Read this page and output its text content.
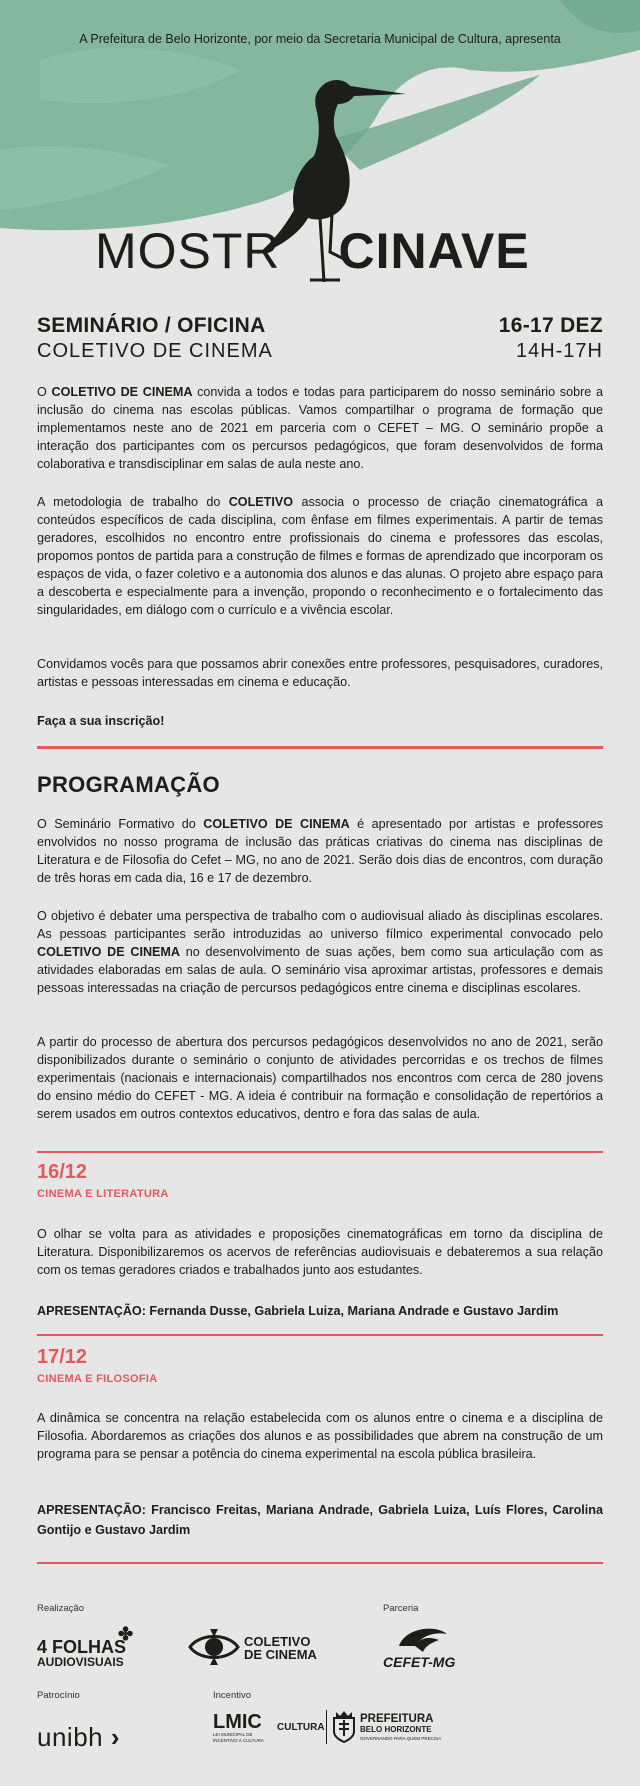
A Prefeitura de Belo Horizonte, por meio da Secretaria Municipal de Cultura, apresenta
MOSTR CINAVE
SEMINÁRIO / OFICINA
COLETIVO DE CINEMA
16-17 DEZ
14H-17H

O COLETIVO DE CINEMA convida a todos e todas para participarem do nosso seminário sobre a inclusão do cinema nas escolas públicas. Vamos compartilhar o programa de formação que implementamos neste ano de 2021 em parceria com o CEFET – MG. O seminário propõe a interação dos participantes com os percursos pedagógicos, que foram desenvolvidos de forma colaborativa e transdisciplinar em salas de aula neste ano.

A metodologia de trabalho do COLETIVO associa o processo de criação cinematográfica a conteúdos específicos de cada disciplina, com ênfase em filmes experimentais. A partir de temas geradores, escolhidos no encontro entre profissionais do cinema e professores das escolas, propomos pontos de partida para a construção de filmes e formas de aprendizado que incorporam os espaços de vida, o fazer coletivo e a autonomia dos alunos e das alunas. O projeto abre espaço para a descoberta e especialmente para a invenção, propondo o reconhecimento e o fortalecimento das singularidades, em diálogo com o currículo e a vivência escolar.

Convidamos vocês para que possamos abrir conexões entre professores, pesquisadores, curadores, artistas e pessoas interessadas em cinema e educação.

Faça a sua inscrição!

PROGRAMAÇÃO

O Seminário Formativo do COLETIVO DE CINEMA é apresentado por artistas e professores envolvidos no nosso programa de inclusão das práticas criativas do cinema nas disciplinas de Literatura e de Filosofia do Cefet – MG, no ano de 2021. Serão dois dias de encontros, com duração de três horas em cada dia, 16 e 17 de dezembro.

O objetivo é debater uma perspectiva de trabalho com o audiovisual aliado às disciplinas escolares. As pessoas participantes serão introduzidas ao universo fílmico experimental convocado pelo COLETIVO DE CINEMA no desenvolvimento de suas ações, bem como sua articulação com as atividades elaboradas em salas de aula. O seminário visa aproximar artistas, professores e demais pessoas interessadas na criação de percursos pedagógicos entre cinema e disciplinas escolares.

A partir do processo de abertura dos percursos pedagógicos desenvolvidos no ano de 2021, serão disponibilizados durante o seminário o conjunto de atividades percorridas e os trechos de filmes experimentais (nacionais e internacionais) compartilhados nos encontros com cerca de 280 jovens do ensino médio do CEFET - MG. A ideia é contribuir na formação e consolidação de repertórios a serem usados em outros contextos educativos, dentro e fora das salas de aula.

16/12
CINEMA E LITERATURA

O olhar se volta para as atividades e proposições cinematográficas em torno da disciplina de Literatura. Disponibilizaremos os acervos de referências audiovisuais e debateremos a sua relação com os temas geradores criados e trabalhados junto aos estudantes.

APRESENTAÇÃO: Fernanda Dusse, Gabriela Luiza, Mariana Andrade e Gustavo Jardim
17/12
CINEMA E FILOSOFIA

A dinâmica se concentra na relação estabelecida com os alunos entre o cinema e a disciplina de Filosofia. Abordaremos as criações dos alunos e as possibilidades que abrem na construção de um programa para se pensar a potência do cinema experimental na escola pública brasileira.

APRESENTAÇÃO: Francisco Freitas, Mariana Andrade, Gabriela Luiza, Luís Flores, Carolina Gontijo e Gustavo Jardim
Realização	Parceria
4 FOLHAS
AUDIOVISUAIS
✤	COLETIVO
DE CINEMA	CEFET-MG
Patrocínio	Incentivo
unibh ›	LMIC
LEI MUNICIPAL DE
INCENTIVO À CULTURA
CULTURA
PREFEITURA
BELO HORIZONTE
GOVERNANDO PARA QUEM PRECISA
